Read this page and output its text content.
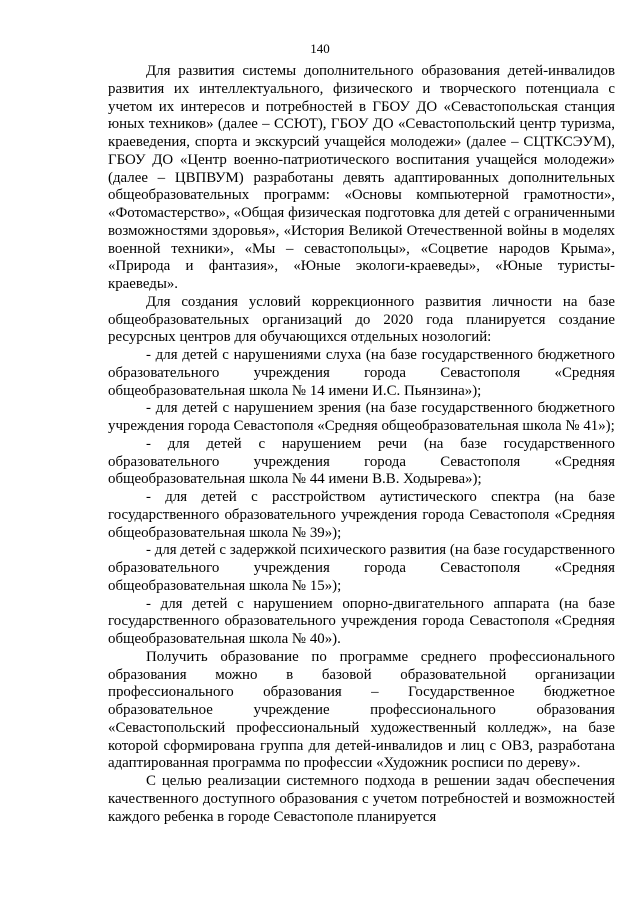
140

Для развития системы дополнительного образования детей-инвалидов развития их интеллектуального, физического и творческого потенциала с учетом их интересов и потребностей в ГБОУ ДО «Севастопольская станция юных техников» (далее – ССЮТ), ГБОУ ДО «Севастопольский центр туризма, краеведения, спорта и экскурсий учащейся молодежи» (далее – СЦТКСЭУМ), ГБОУ ДО «Центр военно-патриотического воспитания учащейся молодежи» (далее – ЦВПВУМ) разработаны девять адаптированных дополнительных общеобразовательных программ: «Основы компьютерной грамотности», «Фотомастерство», «Общая физическая подготовка для детей с ограниченными возможностями здоровья», «История Великой Отечественной войны в моделях военной техники», «Мы – севастопольцы», «Соцветие народов Крыма», «Природа и фантазия», «Юные экологи-краеведы», «Юные туристы-краеведы».

Для создания условий коррекционного развития личности на базе общеобразовательных организаций до 2020 года планируется создание ресурсных центров для обучающихся отдельных нозологий:

- для детей с нарушениями слуха (на базе государственного бюджетного образовательного учреждения города Севастополя «Средняя общеобразовательная школа № 14 имени И.С. Пьянзина»);

- для детей с нарушением зрения (на базе государственного бюджетного учреждения города Севастополя «Средняя общеобразовательная школа № 41»);

- для детей с нарушением речи (на базе государственного образовательного учреждения города Севастополя «Средняя общеобразовательная школа № 44 имени В.В. Ходырева»);

- для детей с расстройством аутистического спектра (на базе государственного образовательного учреждения города Севастополя «Средняя общеобразовательная школа № 39»);

- для детей с задержкой психического развития (на базе государственного образовательного учреждения города Севастополя «Средняя общеобразовательная школа № 15»);

- для детей с нарушением опорно-двигательного аппарата (на базе государственного образовательного учреждения города Севастополя «Средняя общеобразовательная школа № 40»).

Получить образование по программе среднего профессионального образования можно в базовой образовательной организации профессионального образования – Государственное бюджетное образовательное учреждение профессионального образования «Севастопольский профессиональный художественный колледж», на базе которой сформирована группа для детей-инвалидов и лиц с ОВЗ, разработана адаптированная программа по профессии «Художник росписи по дереву».

С целью реализации системного подхода в решении задач обеспечения качественного доступного образования с учетом потребностей и возможностей каждого ребенка в городе Севастополе планируется
